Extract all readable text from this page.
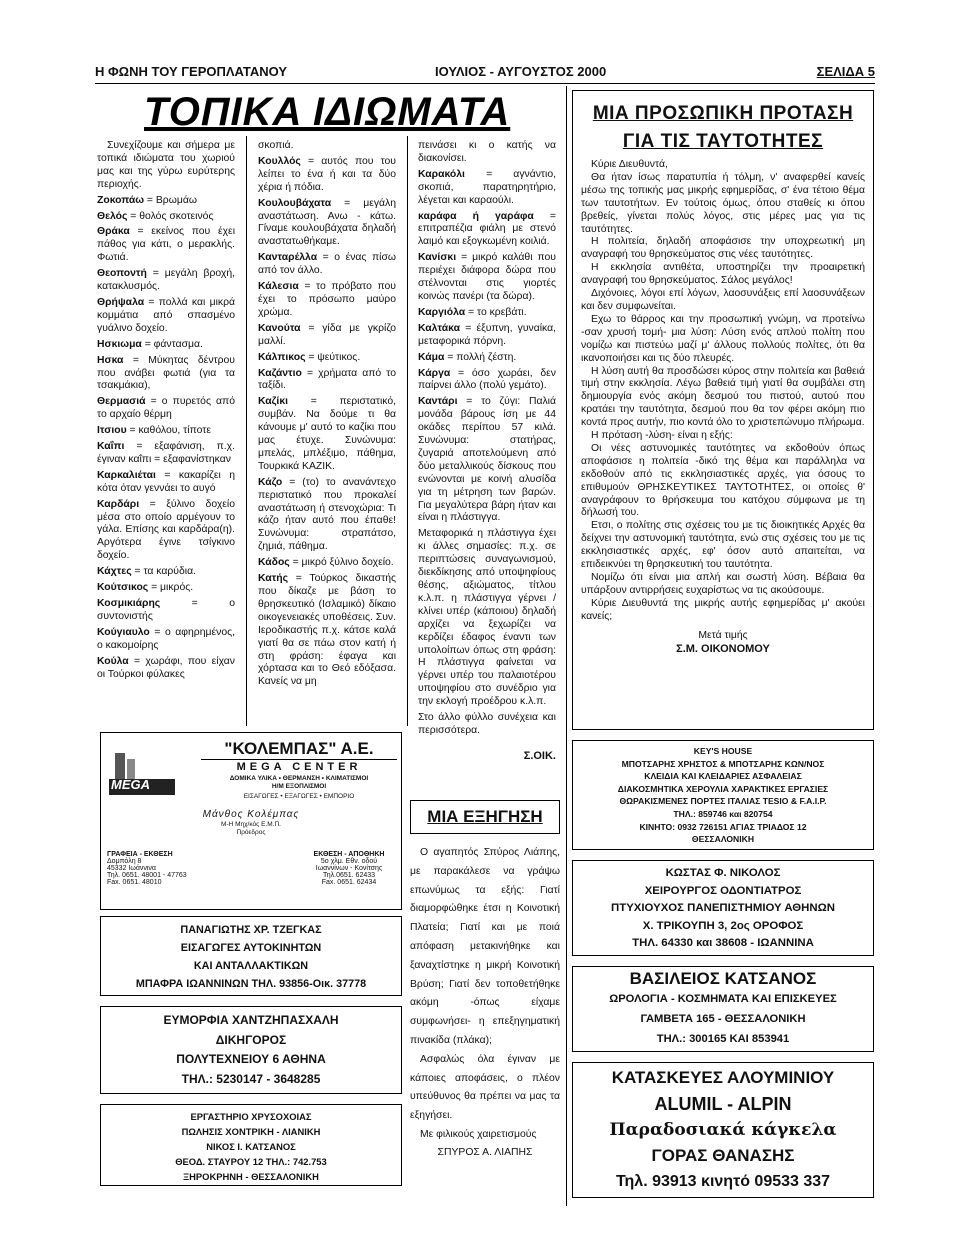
Η ΦΩΝΗ ΤΟΥ ΓΕΡΟΠΛΑΤΑΝΟΥ	ΙΟΥΛΙΟΣ - ΑΥΓΟΥΣΤΟΣ 2000	ΣΕΛΙΔΑ 5
ΤΟΠΙΚΑ ΙΔΙΩΜΑΤΑ

Συνεχίζουμε και σήμερα με τοπικά ιδιώματα του χωριού μας και της γύρω ευρύτερης περιοχής.

Ζοκοπάω = Βρωμάω

Θελός = θολός σκοτεινός

Θράκα = εκείνος που έχει πάθος για κάτι, ο μερακλής. Φωτιά.

Θεοποντή = μεγάλη βροχή, κατακλυσμός.

Θρήψαλα = πολλά και μικρά κομμάτια από σπασμένο γυάλινο δοχείο.

Ησκιωμα = φάντασμα.

Ησκα = Μύκητας δέντρου που ανάβει φωτιά (για τα τσακμάκια),

Θερμασιά = ο πυρετός από το αρχαίο θέρμη

Ιτσιου = καθόλου, τίποτε

Καΐπι = εξαφάνιση, π.χ. έγιναν καΐπι = εξαφανίστηκαν

Καρκαλιέται = κακαρίζει η κότα όταν γεννάει το αυγό

Καρδάρι = ξύλινο δοχείο μέσα στο οποίο αρμέγουν το γάλα. Επίσης και καρδάρα(η). Αργότερα έγινε τσίγκινο δοχείο.

Κάχτες = τα καρύδια.

Κούτσικος = μικρός.

Κοσμικιάρης = ο συντονιστής

Κούγιαυλο = ο αφηρημένος, ο κακομοίρης

Κούλα = χωράφι, που είχαν οι Τούρκοι φύλακες

σκοπιά.

Κουλλός = αυτός που του λείπει το ένα ή και τα δύο χέρια ή πόδια.

Κουλουβάχατα = μεγάλη αναστάτωση. Ανω - κάτω. Γίναμε κουλουβάχατα δηλαδή αναστατωθήκαμε.

Κανταρέλλα = ο ένας πίσω από τον άλλο.

Κάλεσια = το πρόβατο που έχει το πρόσωπο μαύρο χρώμα.

Κανούτα = γίδα με γκρίζο μαλλί.

Κάλπικος = ψεύτικος.

Καζάντιο = χρήματα από το ταξίδι.

Καζίκι = περιστατικό, συμβάν. Να δούμε τι θα κάνουμε μ' αυτό το καζίκι που μας έτυχε. Συνώνυμα: μπελάς, μπλέξιμο, πάθημα, Τουρκικά ΚΑΖΙΚ.

Κάζο = (το) το ανανάντεχο περιστατικό που προκαλεί αναστάτωση ή στενοχώρια: Τι κάζο ήταν αυτό που έπαθε! Συνώνυμα: στραπάτσο, ζημιά, πάθημα.

Κάδος = μικρό ξύλινο δοχείο.

Κατής = Τούρκος δικαστής που δίκαζε με βάση το θρησκευτικό (Ισλαμικό) δίκαιο οικογενειακές υποθέσεις. Συν. Ιεροδικαστής π.χ. κάτσε καλά γιατί θα σε πάω στον κατή ή στη φράση: έφαγα και χόρτασα και το Θεό εδόξασα. Κανείς να μη

πεινάσει κι ο κατής να διακονίσει.

Καρακόλι = αγνάντιο, σκοπιά, παρατηρητήριο, λέγεται και καραούλι.

καράφα ή γαράφα = επιτραπέζια φιάλη με στενό λαιμό και εξογκωμένη κοιλιά.

Κανίσκι = μικρό καλάθι που περιέχει διάφορα δώρα που στέλνονται στις γιορτές κοινώς πανέρι (τα δώρα).

Καργιόλα = το κρεβάτι.

Καλτάκα = έξυπνη, γυναίκα, μεταφορικά πόρνη.

Κάμα = πολλή ζέστη.

Κάργα = όσο χωράει, δεν παίρνει άλλο (πολύ γεμάτο).

Καντάρι = το ζύγι: Παλιά μονάδα βάρους ίση με 44 οκάδες περίπου 57 κιλά. Συνώνυμα: στατήρας, ζυγαριά αποτελούμενη από δύο μεταλλικούς δίσκους που ενώνονται με κοινή αλυσίδα για τη μέτρηση των βαρών. Για μεγαλύτερα βάρη ήταν και είναι η πλάστιγγα.

Μεταφορικά η πλάστιγγα έχει κι άλλες σημασίες: π.χ. σε περιπτώσεις συναγωνισμού, διεκδίκησης από υποψηφίους θέσης, αξιώματος, τίτλου κ.λ.π. η πλάστιγγα γέρνει / κλίνει υπέρ (κάποιου) δηλαδή αρχίζει να ξεχωρίζει να κερδίζει έδαφος έναντι των υπολοίπων όπως στη φράση: Η πλάστιγγα φαίνεται να γέρνει υπέρ του παλαιοτέρου υποψηφίου στο συνέδριο για την εκλογή προέδρου κ.λ.π.

Στο άλλο φύλλο συνέχεια και περισσότερα.

Σ.ΟΙΚ.
ΜΙΑ ΠΡΟΣΩΠΙΚΗ ΠΡΟΤΑΣΗ
ΓΙΑ ΤΙΣ ΤΑΥΤΟΤΗΤΕΣ

Κύριε Διευθυντά,

Θα ήταν ίσως παρατυπία ή τόλμη, ν' αναφερθεί κανείς μέσω της τοπικής μας μικρής εφημερίδας, σ' ένα τέτοιο θέμα των ταυτοτήτων. Εν τούτοις όμως, όπου σταθείς κι όπου βρεθείς, γίνεται πολύς λόγος, στις μέρες μας για τις ταυτότητες.

Η πολιτεία, δηλαδή αποφάσισε την υποχρεωτική μη αναγραφή του θρησκεύματος στις νέες ταυτότητες.

Η εκκλησία αντιθέτα, υποστηρίζει την προαιρετική αναγραφή του θρησκεύματος. Σάλος μεγάλος!

Διχόνοιες, λόγοι επί λόγων, λαοσυνάξεις επί λαοσυνάξεων και δεν συμφωνείται.

Εχω το θάρρος και την προσωπική γνώμη, να προτείνω -σαν χρυσή τομή- μια λύση: Λύση ενός απλού πολίτη που νομίζω και πιστεύω μαζί μ' άλλους πολλούς πολίτες, ότι θα ικανοποιήσει και τις δύο πλευρές.

Η λύση αυτή θα προσδώσει κύρος στην πολιτεία και βαθειά τιμή στην εκκλησία. Λέγω βαθειά τιμή γιατί θα συμβάλει στη δημιουργία ενός ακόμη δεσμού του πιστού, αυτού που κρατάει την ταυτότητα, δεσμού που θα τον φέρει ακόμη πιο κοντά προς αυτήν, πιο κοντά όλο το χριστεπώνυμο πλήρωμα.

Η πρόταση -λύση- είναι η εξής:

Οι νέες αστυνομικές ταυτότητες να εκδοθούν όπως αποφάσισε η πολιτεία -δικό της θέμα και παράλληλα να εκδοθούν από τις εκκλησιαστικές αρχές, για όσους το επιθυμούν ΘΡΗΣΚΕΥΤΙΚΕΣ ΤΑΥΤΟΤΗΤΕΣ, οι οποίες θ' αναγράφουν το θρήσκευμα του κατόχου σύμφωνα με τη δήλωσή του.

Ετσι, ο πολίτης στις σχέσεις του με τις διοικητικές Αρχές θα δείχνει την αστυνομική ταυτότητα, ενώ στις σχέσεις του με τις εκκλησιαστικές αρχές, εφ' όσον αυτό απαιτείται, να επιδεικνύει τη θρησκευτική του ταυτότητα.

Νομίζω ότι είναι μια απλή και σωστή λύση. Βέβαια θα υπάρξουν αντιρρήσεις ευχαρίστως να τις ακούσουμε.

Κύριε Διευθυντά της μικρής αυτής εφημερίδας μ' ακούει κανείς;

Μετά τιμής
Σ.Μ. ΟΙΚΟΝΟΜΟΥ
MEGA center
"ΚΟΛΕΜΠΑΣ" Α.Ε.
MEGA CENTER
ΔΟΜΙΚΑ ΥΛΙΚΑ • ΘΕΡΜΑΝΣΗ • ΚΛΙΜΑΤΙΣΜΟΙ
Η/Μ ΕΞΟΠΛΙΣΜΟΙ
ΕΙΣΑΓΩΓΕΣ • ΕΞΑΓΩΓΕΣ • ΕΜΠΟΡΙΟ
Μάνθος Κολέμπας
Μ-Η Μηχ/κός Ε.Μ.Π.
Πρόεδρος
ΓΡΑΦΕΙΑ - ΕΚΘΕΣΗ
Δομπόλη 8
45332 Ιωάννινα
Τηλ. 0651. 48001 - 47763
Fax. 0651. 48010
ΕΚΘΕΣΗ - ΑΠΟΘΗΚΗ
5ο χλμ. Εθν. οδού
Ιωαννίνων - Κονίτσης
Τηλ.0651. 62433
Fax. 0651. 62434
ΠΑΝΑΓΙΩΤΗΣ ΧΡ. ΤΖΕΓΚΑΣ
ΕΙΣΑΓΩΓΕΣ ΑΥΤΟΚΙΝΗΤΩΝ
ΚΑΙ ΑΝΤΑΛΛΑΚΤΙΚΩΝ
ΜΠΑΦΡΑ ΙΩΑΝΝΙΝΩΝ ΤΗΛ. 93856-Οικ. 37778
ΕΥΜΟΡΦΙΑ ΧΑΝΤΖΗΠΑΣΧΑΛΗ
ΔΙΚΗΓΟΡΟΣ
ΠΟΛΥΤΕΧΝΕΙΟΥ 6 ΑΘΗΝΑ
ΤΗΛ.: 5230147 - 3648285
ΕΡΓΑΣΤΗΡΙΟ ΧΡΥΣΟΧΟΙΑΣ
ΠΩΛΗΣΙΣ ΧΟΝΤΡΙΚΗ - ΛΙΑΝΙΚΗ
ΝΙΚΟΣ Ι. ΚΑΤΣΑΝΟΣ
ΘΕΟΔ. ΣΤΑΥΡΟΥ 12 ΤΗΛ.: 742.753
ΞΗΡΟΚΡΗΝΗ - ΘΕΣΣΑΛΟΝΙΚΗ
ΜΙΑ ΕΞΗΓΗΣΗ

Ο αγαπητός Σπύρος Λιάπης, με παρακάλεσε να γράψω επωνύμως τα εξής: Γιατί διαμορφώθηκε έτσι η Κοινοτική Πλατεία; Γιατί και με ποιά απόφαση μετακινήθηκε και ξαναχτίστηκε η μικρή Κοινοτική Βρύση; Γιατί δεν τοποθετήθηκε ακόμη -όπως είχαμε συμφωνήσει- η επεξηγηματική πινακίδα (πλάκα);

Ασφαλώς όλα έγιναν με κάποιες αποφάσεις, ο πλέον υπεύθυνος θα πρέπει να μας τα εξηγήσει.

Με φιλικούς χαιρετισμούς

ΣΠΥΡΟΣ Α. ΛΙΑΠΗΣ
KEY'S HOUSE
ΜΠΟΤΣΑΡΗΣ ΧΡΗΣΤΟΣ & ΜΠΟΤΣΑΡΗΣ ΚΩΝ/ΝΟΣ
ΚΛΕΙΔΙΑ ΚΑΙ ΚΛΕΙΔΑΡΙΕΣ ΑΣΦΑΛΕΙΑΣ
ΔΙΑΚΟΣΜΗΤΙΚΑ ΧΕΡΟΥΛΙΑ ΧΑΡΑΚΤΙΚΕΣ ΕΡΓΑΣΙΕΣ
ΘΩΡΑΚΙΣΜΕΝΕΣ ΠΟΡΤΕΣ ΙΤΑΛΙΑΣ TESIO & F.A.I.P.
ΤΗΛ.: 859746 και 820754
ΚΙΝΗΤΟ: 0932 726151 ΑΓΙΑΣ ΤΡΙΑΔΟΣ 12
ΘΕΣΣΑΛΟΝΙΚΗ
ΚΩΣΤΑΣ Φ. ΝΙΚΟΛΟΣ
ΧΕΙΡΟΥΡΓΟΣ ΟΔΟΝΤΙΑΤΡΟΣ
ΠΤΥΧΙΟΥΧΟΣ ΠΑΝΕΠΙΣΤΗΜΙΟΥ ΑΘΗΝΩΝ
Χ. ΤΡΙΚΟΥΠΗ 3, 2ος ΟΡΟΦΟΣ
ΤΗΛ. 64330 και 38608 - ΙΩΑΝΝΙΝΑ
ΒΑΣΙΛΕΙΟΣ ΚΑΤΣΑΝΟΣ
ΩΡΟΛΟΓΙΑ - ΚΟΣΜΗΜΑΤΑ ΚΑΙ ΕΠΙΣΚΕΥΕΣ
ΓΑΜΒΕΤΑ 165 - ΘΕΣΣΑΛΟΝΙΚΗ
ΤΗΛ.: 300165 ΚΑΙ 853941
ΚΑΤΑΣΚΕΥΕΣ ΑΛΟΥΜΙΝΙΟΥ
ALUMIL - ALPIN
Παραδοσιακά κάγκελα
ΓΟΡΑΣ ΘΑΝΑΣΗΣ
Τηλ. 93913 κινητό 09533 337
